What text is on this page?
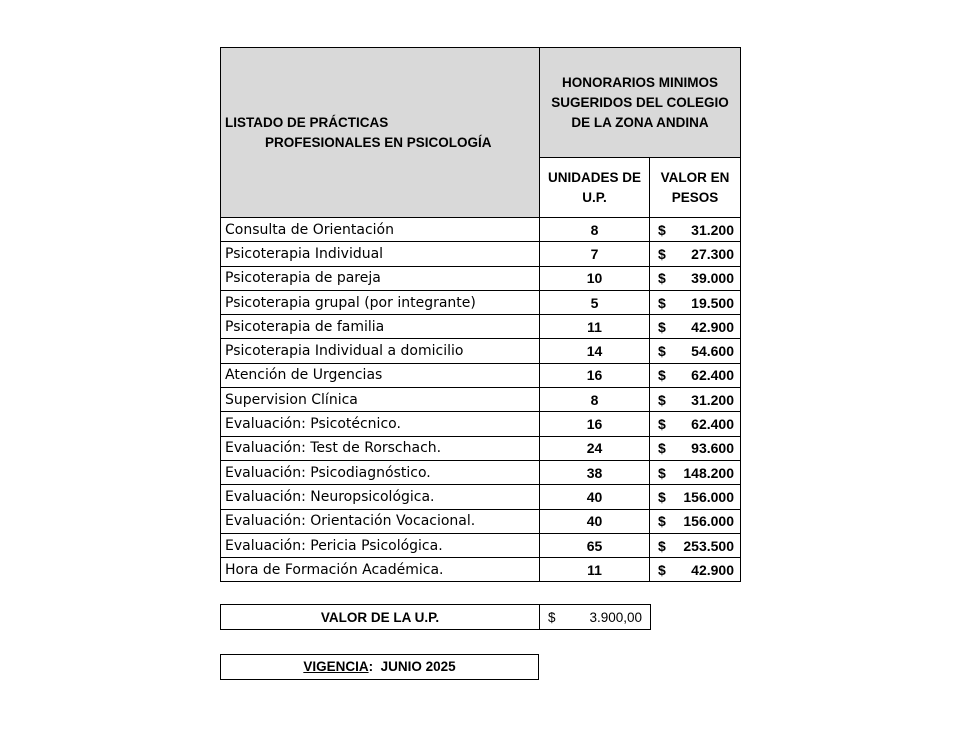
LISTADO DE PRÁCTICAS
PROFESIONALES EN PSICOLOGÍA	HONORARIOS MINIMOS SUGERIDOS DEL COLEGIO DE LA ZONA ANDINA	
	UNIDADES DE U.P.	VALOR EN PESOS
Consulta de Orientación	8	$ 31.200

Psicoterapia Individual	7	$ 27.300

Psicoterapia de pareja	10	$ 39.000

Psicoterapia grupal (por integrante)	5	$ 19.500

Psicoterapia de familia	11	$ 42.900

Psicoterapia Individual a domicilio	14	$ 54.600

Atención de Urgencias	16	$ 62.400

Supervision Clínica	8	$ 31.200

Evaluación: Psicotécnico.	16	$ 62.400

Evaluación: Test de Rorschach.	24	$ 93.600

Evaluación: Psicodiagnóstico.	38	$ 148.200

Evaluación: Neuropsicológica.	40	$ 156.000

Evaluación: Orientación Vocacional.	40	$ 156.000

Evaluación: Pericia Psicológica.	65	$ 253.500

Hora de Formación Académica.	11	$ 42.900
VALOR DE LA U.P.	$	3.900,00
VIGENCIA: JUNIO 2025
